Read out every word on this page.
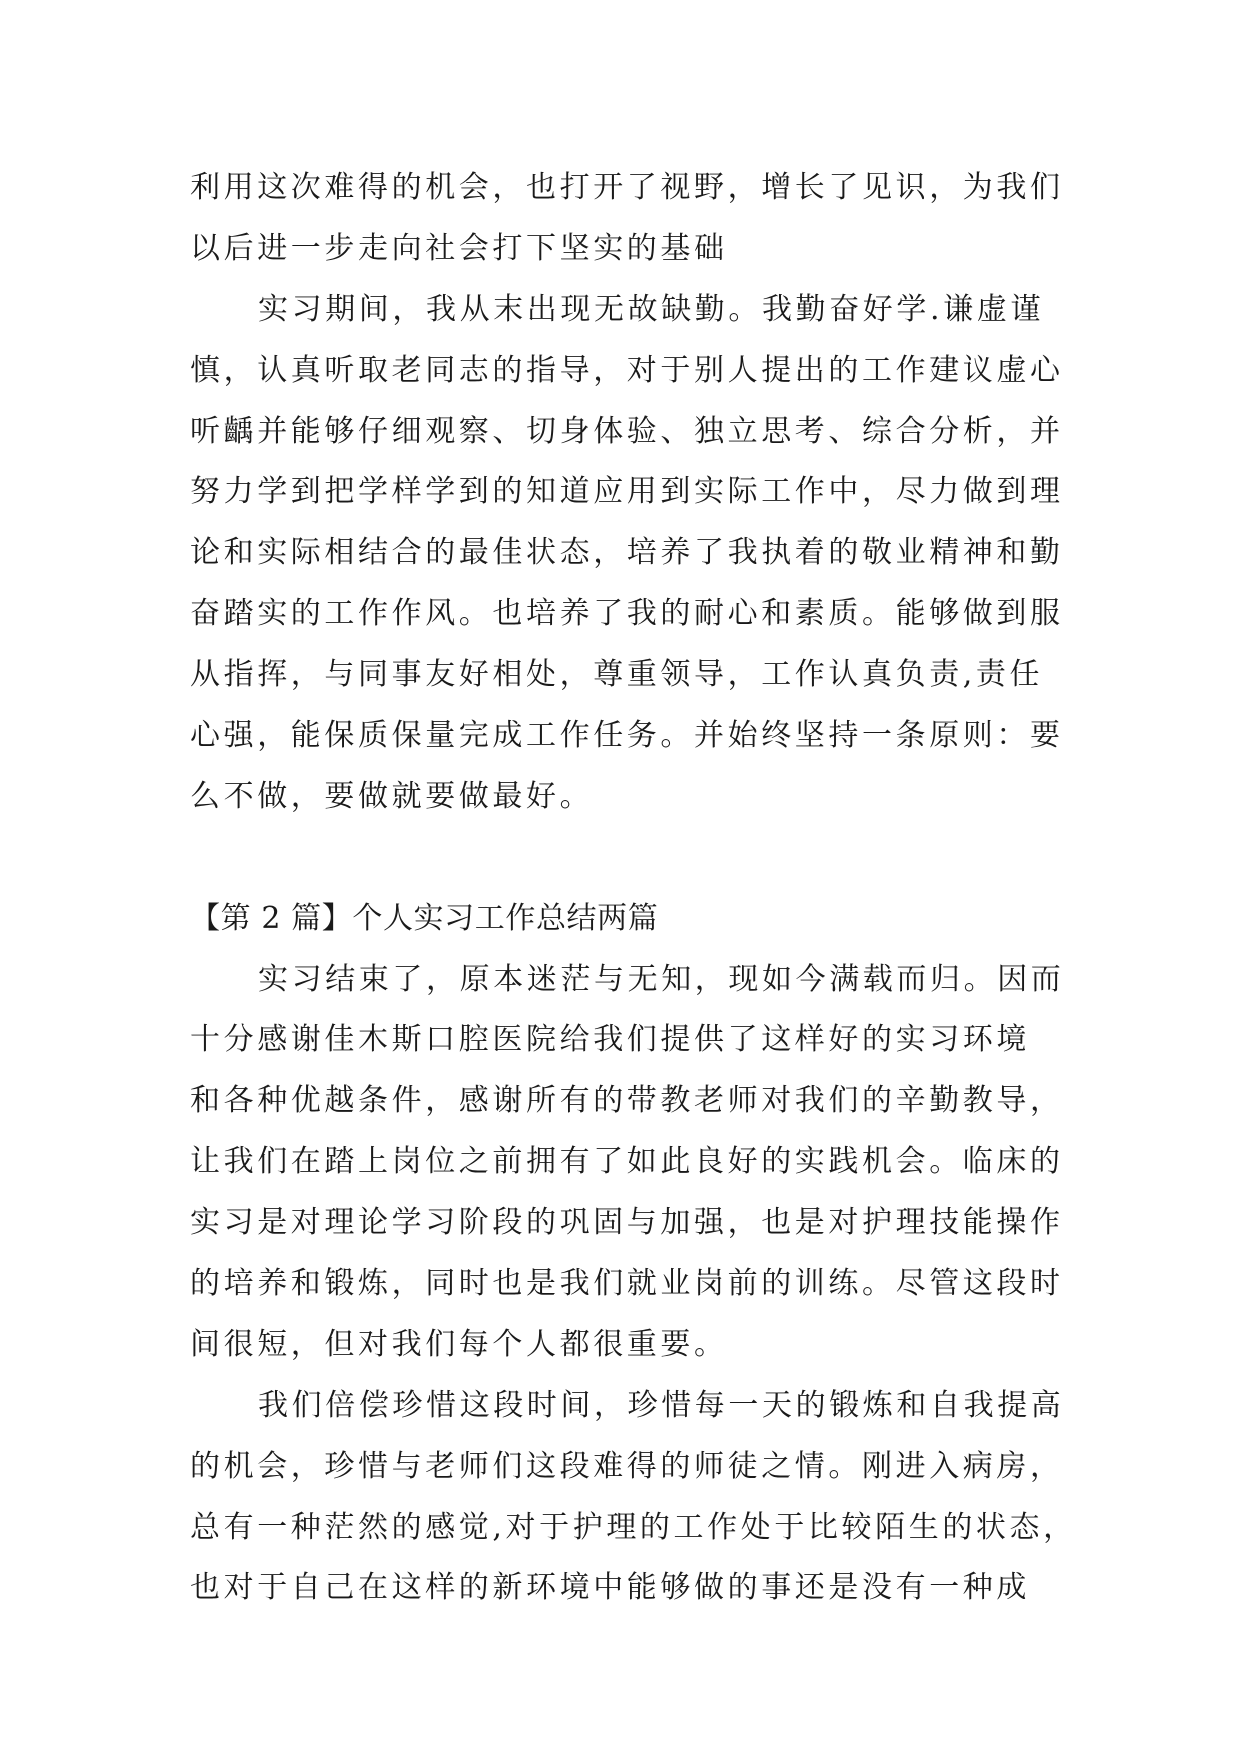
利用这次难得的机会，也打开了视野，增长了见识，为我们
以后进一步走向社会打下坚实的基础
实习期间，我从末出现无故缺勤。我勤奋好学.谦虚谨
慎，认真听取老同志的指导，对于别人提出的工作建议虚心
听齲并能够仔细观察、切身体验、独立思考、综合分析，并
努力学到把学样学到的知道应用到实际工作中，尽力做到理
论和实际相结合的最佳状态，培养了我执着的敬业精神和勤
奋踏实的工作作风。也培养了我的耐心和素质。能够做到服
从指挥，与同事友好相处，尊重领导，工作认真负责,责任
心强，能保质保量完成工作任务。并始终坚持一条原则：要
么不做，要做就要做最好。
【第 2 篇】个人实习工作总结两篇
实习结束了，原本迷茫与无知，现如今满载而归。因而
十分感谢佳木斯口腔医院给我们提供了这样好的实习环境
和各种优越条件，感谢所有的带教老师对我们的辛勤教导，
让我们在踏上岗位之前拥有了如此良好的实践机会。临床的
实习是对理论学习阶段的巩固与加强，也是对护理技能操作
的培养和锻炼，同时也是我们就业岗前的训练。尽管这段时
间很短，但对我们每个人都很重要。
我们倍偿珍惜这段时间，珍惜每一天的锻炼和自我提高
的机会，珍惜与老师们这段难得的师徒之情。刚进入病房，
总有一种茫然的感觉,对于护理的工作处于比较陌生的状态，
也对于自己在这样的新环境中能够做的事还是没有一种成
